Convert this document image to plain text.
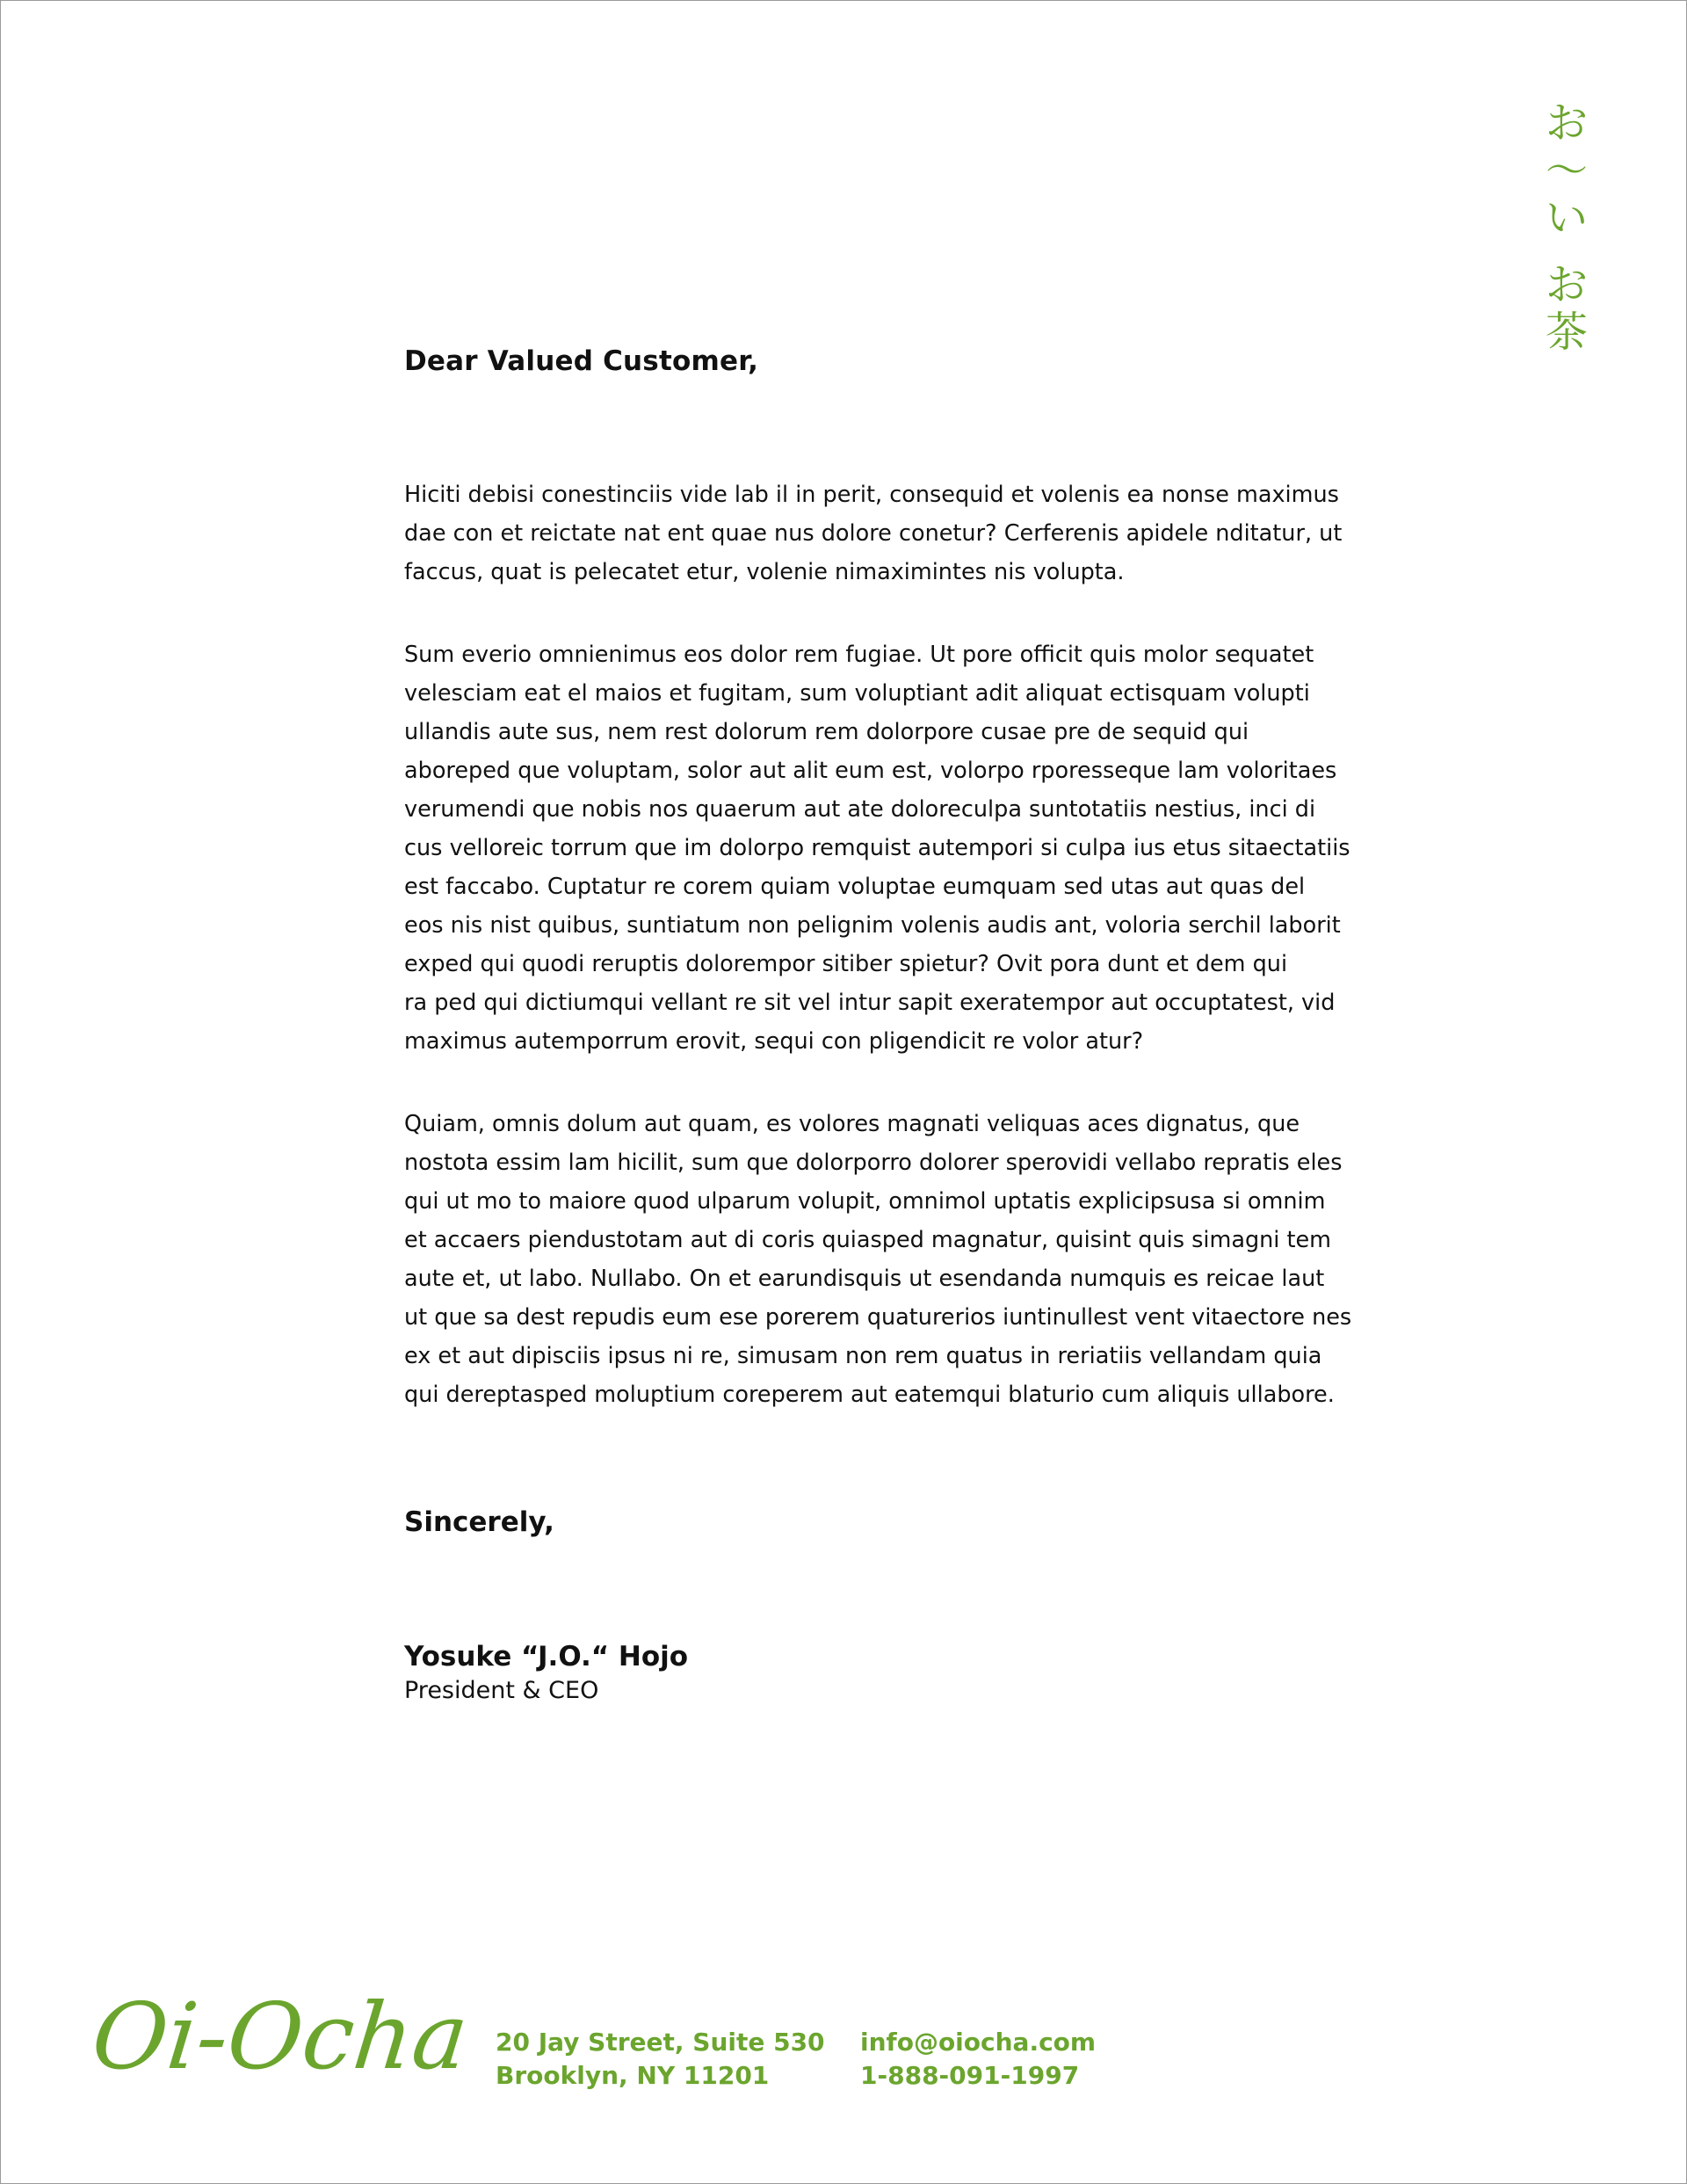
お
〜
い
お
茶
Dear Valued Customer,

Hiciti debisi conestinciis vide lab il in perit, consequid et volenis ea nonse maximus
dae con et reictate nat ent quae nus dolore conetur? Cerferenis apidele nditatur, ut
faccus, quat is pelecatet etur, volenie nimaximintes nis volupta.

Sum everio omnienimus eos dolor rem fugiae. Ut pore officit quis molor sequatet
velesciam eat el maios et fugitam, sum voluptiant adit aliquat ectisquam volupti
ullandis aute sus, nem rest dolorum rem dolorpore cusae pre de sequid qui
aboreped que voluptam, solor aut alit eum est, volorpo rporesseque lam voloritaes
verumendi que nobis nos quaerum aut ate doloreculpa suntotatiis nestius, inci di
cus velloreic torrum que im dolorpo remquist autempori si culpa ius etus sitaectatiis
est faccabo. Cuptatur re corem quiam voluptae eumquam sed utas aut quas del
eos nis nist quibus, suntiatum non pelignim volenis audis ant, voloria serchil laborit
exped qui quodi reruptis dolorempor sitiber spietur? Ovit pora dunt et dem qui
ra ped qui dictiumqui vellant re sit vel intur sapit exeratempor aut occuptatest, vid
maximus autemporrum erovit, sequi con pligendicit re volor atur?

Quiam, omnis dolum aut quam, es volores magnati veliquas aces dignatus, que
nostota essim lam hicilit, sum que dolorporro dolorer sperovidi vellabo repratis eles
qui ut mo to maiore quod ulparum volupit, omnimol uptatis explicipsusa si omnim
et accaers piendustotam aut di coris quiasped magnatur, quisint quis simagni tem
aute et, ut labo. Nullabo. On et earundisquis ut esendanda numquis es reicae laut
ut que sa dest repudis eum ese porerem quaturerios iuntinullest vent vitaectore nes
ex et aut dipisciis ipsus ni re, simusam non rem quatus in reriatiis vellandam quia
qui dereptasped moluptium coreperem aut eatemqui blaturio cum aliquis ullabore.

Sincerely,
Yosuke “J.O.“ Hojo
President & CEO
Oi-Ocha 20 Jay Street, Suite 530
Brooklyn, NY 11201
info@oiocha.com
1-888-091-1997
